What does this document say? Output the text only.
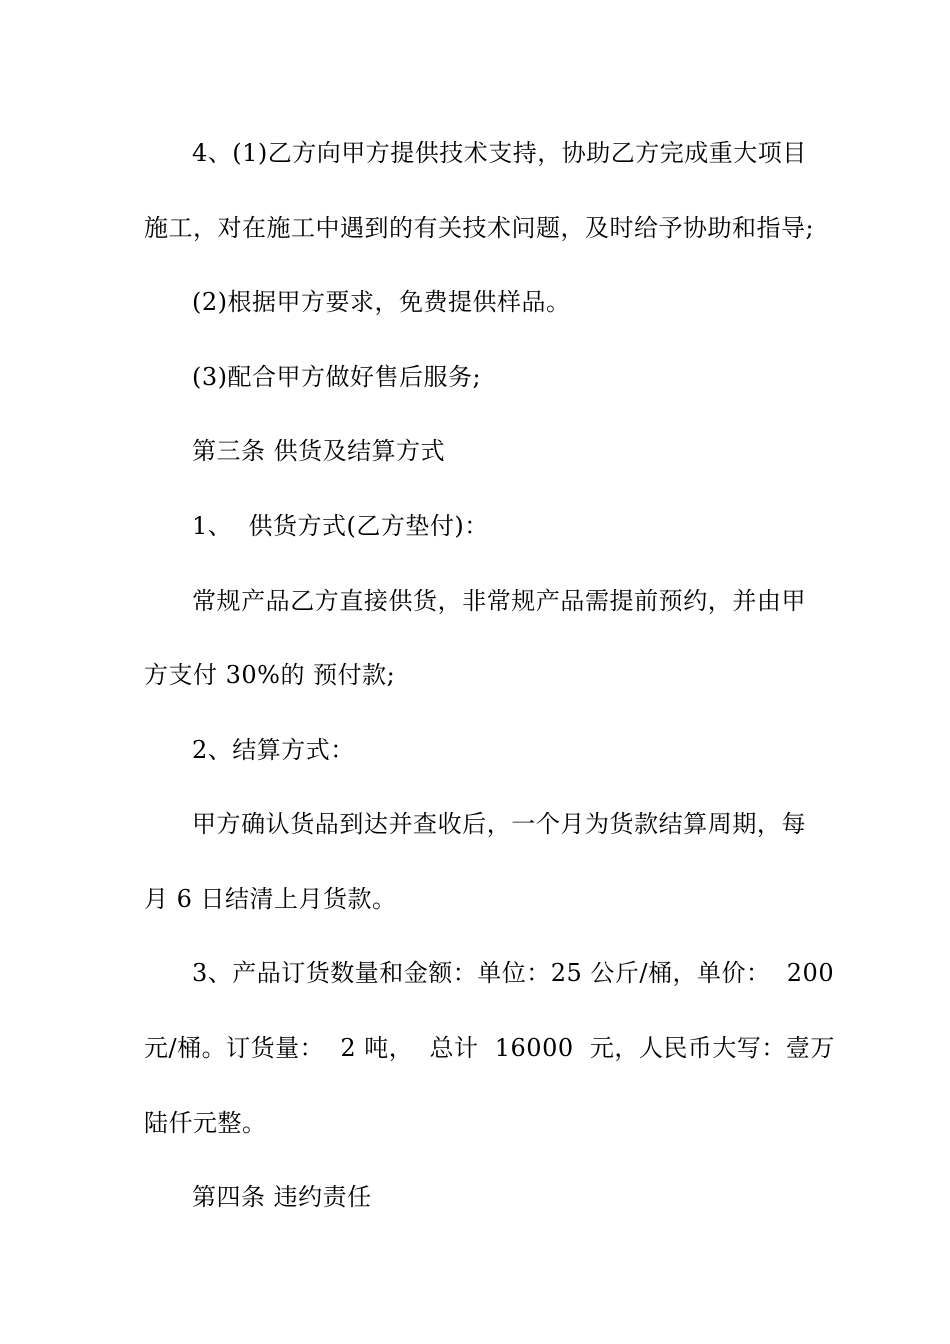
4、(1)乙方向甲方提供技术支持，协助乙方完成重大项目
施工，对在施工中遇到的有关技术问题，及时给予协助和指导;
(2)根据甲方要求，免费提供样品。
(3)配合甲方做好售后服务;
第三条 供货及结算方式
1、  供货方式(乙方垫付)：
常规产品乙方直接供货，非常规产品需提前预约，并由甲
方支付 30%的 预付款;
2、结算方式：
甲方确认货品到达并查收后，一个月为货款结算周期，每
月 6 日结清上月货款。
3、产品订货数量和金额：单位：25 公斤/桶，单价：  200
元/桶。订货量：  2 吨，  总计  16000  元，人民币大写：壹万
陆仟元整。
第四条 违约责任
